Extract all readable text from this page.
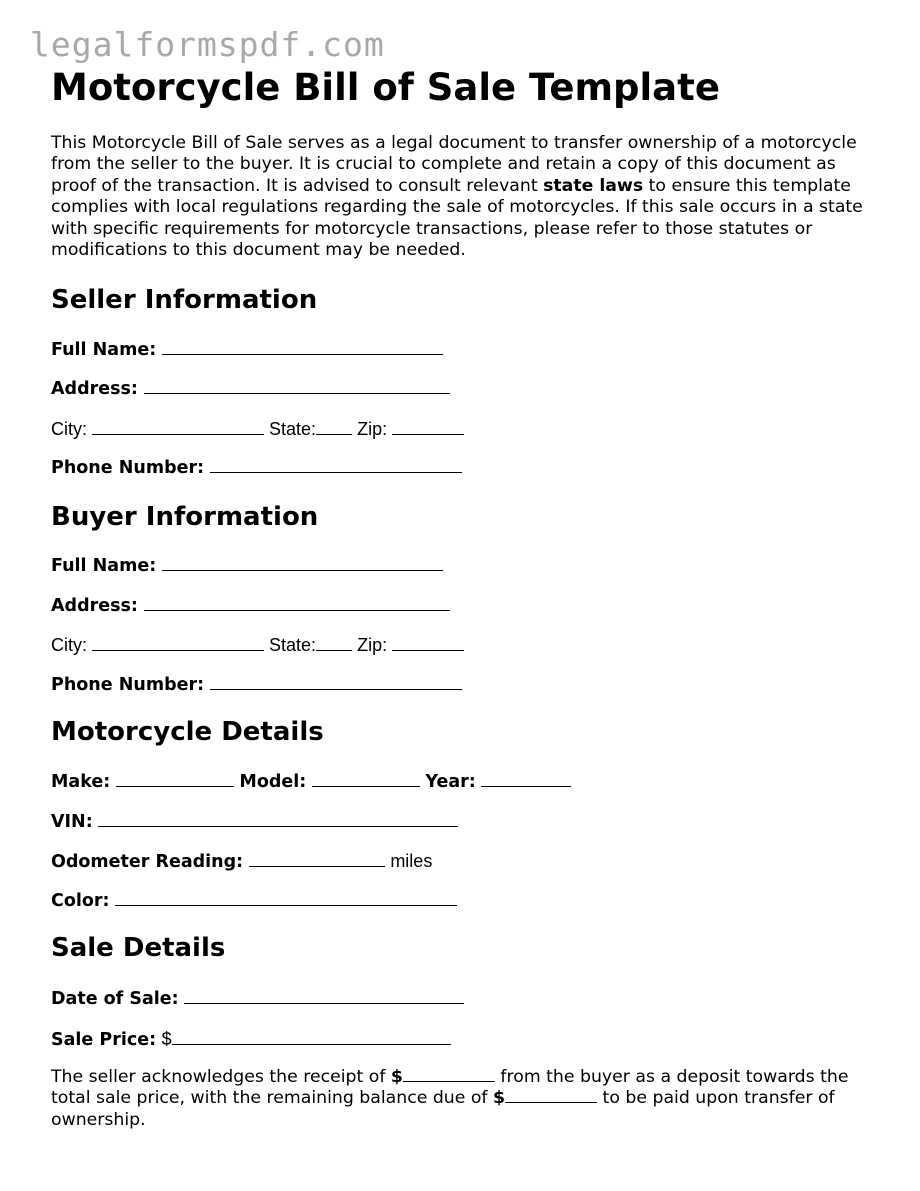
legalformspdf.com
Motorcycle Bill of Sale Template

This Motorcycle Bill of Sale serves as a legal document to transfer ownership of a motorcycle from the seller to the buyer. It is crucial to complete and retain a copy of this document as proof of the transaction. It is advised to consult relevant state laws to ensure this template complies with local regulations regarding the sale of motorcycles. If this sale occurs in a state with specific requirements for motorcycle transactions, please refer to those statutes or modifications to this document may be needed.

Seller Information
Full Name:
Address:
City:	State: Zip:
Phone Number:
Buyer Information
Full Name:
Address:
City:	State: Zip:
Phone Number:
Motorcycle Details
Make:	Model:	Year:
VIN:
Odometer Reading:	miles
Color:
Sale Details
Date of Sale:
Sale Price: $

The seller acknowledges the receipt of $	from the buyer as a deposit towards the total sale price, with the remaining balance due of $	to be paid upon transfer of ownership.
